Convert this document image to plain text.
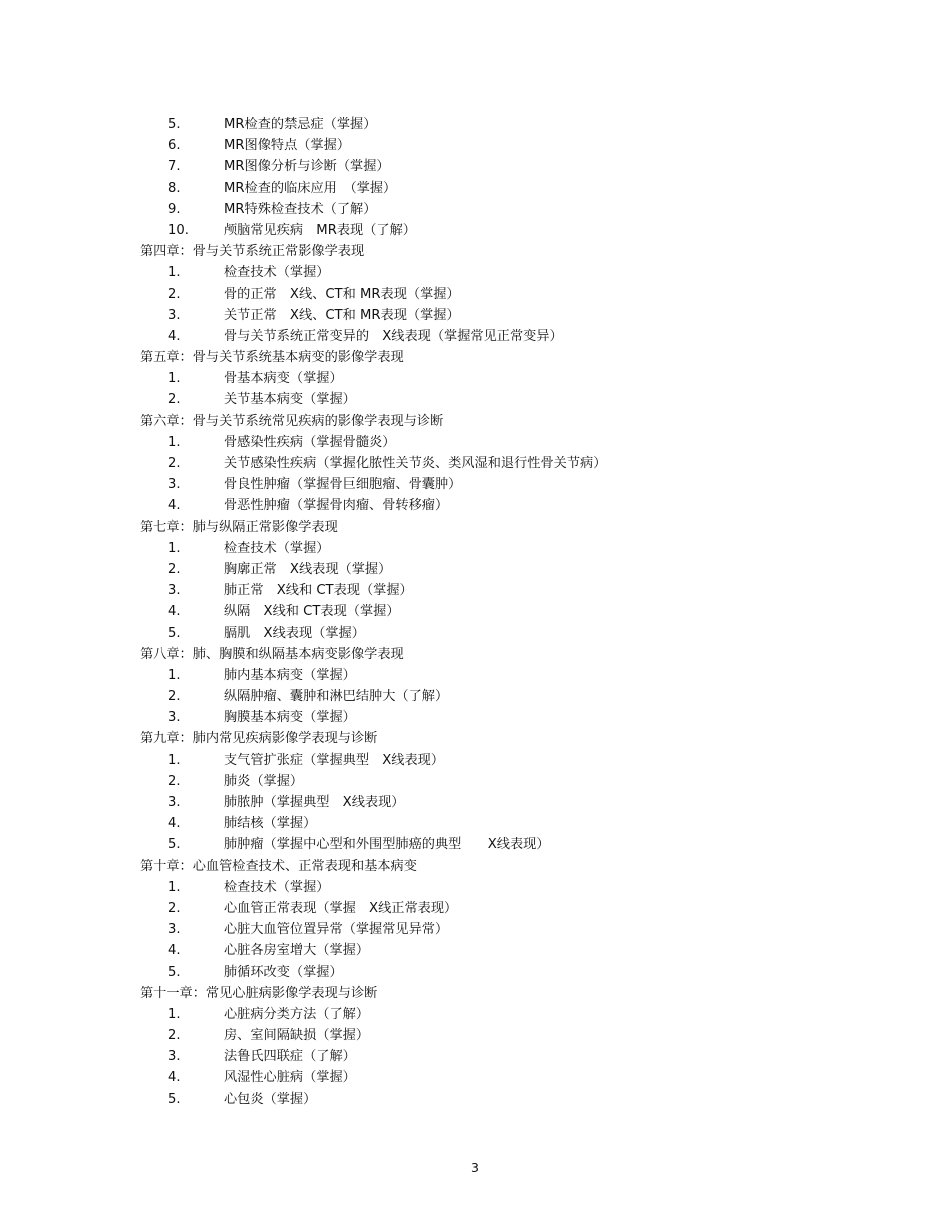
5.	MR检查的禁忌症（掌握）
6.	MR图像特点（掌握）
7.	MR图像分析与诊断（掌握）
8.	MR检查的临床应用　（掌握）
9.	MR特殊检查技术（了解）
10.	颅脑常见疾病　MR表现（了解）
第四章：骨与关节系统正常影像学表现
1.	检查技术（掌握）
2.	骨的正常　X线、CT和 MR表现（掌握）
3.	关节正常　X线、CT和 MR表现（掌握）
4.	骨与关节系统正常变异的　X线表现（掌握常见正常变异）
第五章：骨与关节系统基本病变的影像学表现
1.	骨基本病变（掌握）
2.	关节基本病变（掌握）
第六章：骨与关节系统常见疾病的影像学表现与诊断
1.	骨感染性疾病（掌握骨髓炎）
2.	关节感染性疾病（掌握化脓性关节炎、类风湿和退行性骨关节病）
3.	骨良性肿瘤（掌握骨巨细胞瘤、骨囊肿）
4.	骨恶性肿瘤（掌握骨肉瘤、骨转移瘤）
第七章：肺与纵隔正常影像学表现
1.	检查技术（掌握）
2.	胸廓正常　X线表现（掌握）
3.	肺正常　X线和 CT表现（掌握）
4.	纵隔　X线和 CT表现（掌握）
5.	膈肌　X线表现（掌握）
第八章：肺、胸膜和纵隔基本病变影像学表现
1.	肺内基本病变（掌握）
2.	纵隔肿瘤、囊肿和淋巴结肿大（了解）
3.	胸膜基本病变（掌握）
第九章：肺内常见疾病影像学表现与诊断
1.	支气管扩张症（掌握典型　X线表现）
2.	肺炎（掌握）
3.	肺脓肿（掌握典型　X线表现）
4.	肺结核（掌握）
5.	肺肿瘤（掌握中心型和外围型肺癌的典型　　X线表现）
第十章：心血管检查技术、正常表现和基本病变
1.	检查技术（掌握）
2.	心血管正常表现（掌握　X线正常表现）
3.	心脏大血管位置异常（掌握常见异常）
4.	心脏各房室增大（掌握）
5.	肺循环改变（掌握）
第十一章：常见心脏病影像学表现与诊断
1.	心脏病分类方法（了解）
2.	房、室间隔缺损（掌握）
3.	法鲁氏四联症（了解）
4.	风湿性心脏病（掌握）
5.	心包炎（掌握）
3
